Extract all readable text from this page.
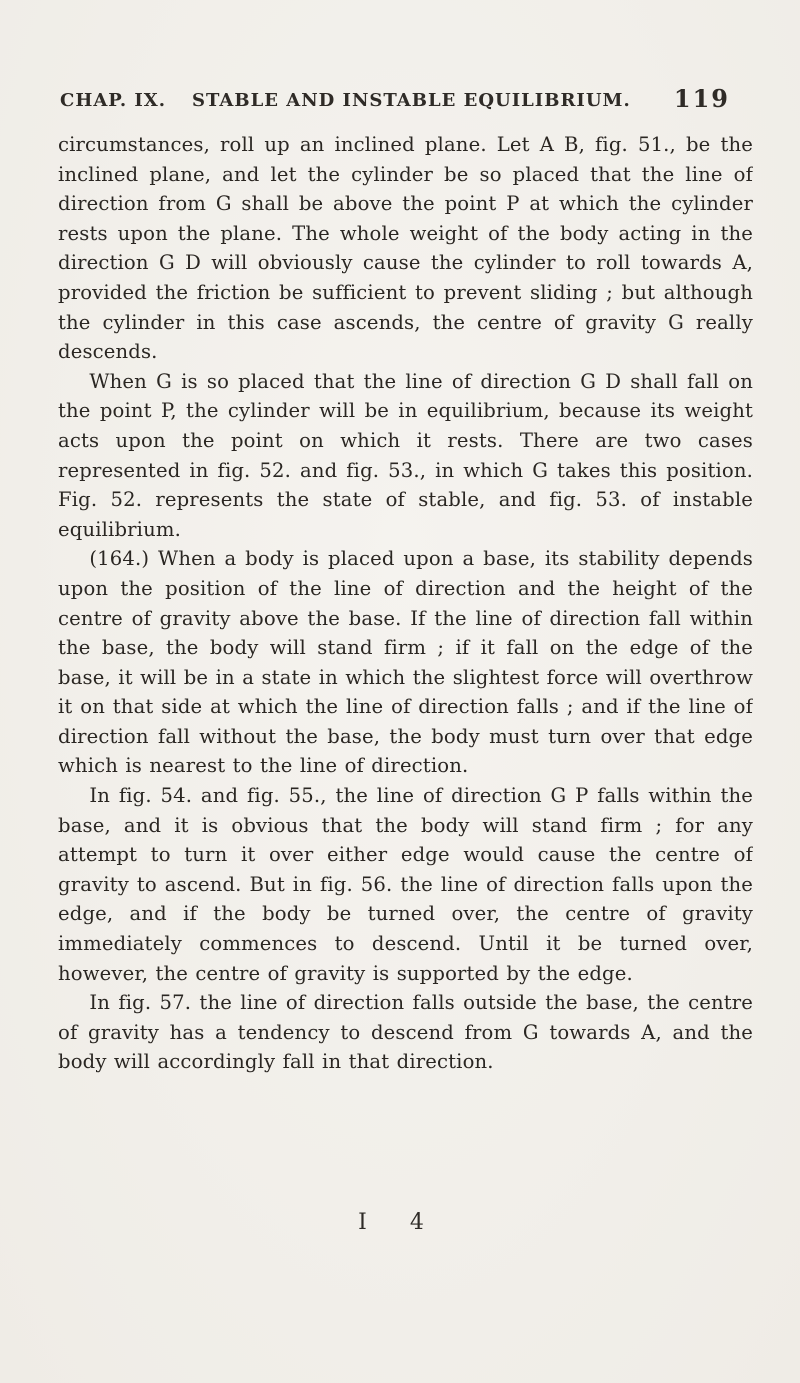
CHAP. IX. STABLE AND INSTABLE EQUILIBRIUM. 119

circumstances, roll up an inclined plane. Let A B, fig. 51., be the inclined plane, and let the cylinder be so placed that the line of direction from G shall be above the point P at which the cylinder rests upon the plane. The whole weight of the body acting in the direction G D will obviously cause the cylinder to roll towards A, provided the friction be sufficient to prevent sliding ; but although the cylinder in this case ascends, the centre of gravity G really descends.

When G is so placed that the line of direction G D shall fall on the point P, the cylinder will be in equilibrium, because its weight acts upon the point on which it rests. There are two cases represented in fig. 52. and fig. 53., in which G takes this position. Fig. 52. represents the state of stable, and fig. 53. of instable equilibrium.

(164.) When a body is placed upon a base, its stability depends upon the position of the line of direction and the height of the centre of gravity above the base. If the line of direction fall within the base, the body will stand firm ; if it fall on the edge of the base, it will be in a state in which the slightest force will overthrow it on that side at which the line of direction falls ; and if the line of direction fall without the base, the body must turn over that edge which is nearest to the line of direction.

In fig. 54. and fig. 55., the line of direction G P falls within the base, and it is obvious that the body will stand firm ; for any attempt to turn it over either edge would cause the centre of gravity to ascend. But in fig. 56. the line of direction falls upon the edge, and if the body be turned over, the centre of gravity immediately commences to descend. Until it be turned over, however, the centre of gravity is supported by the edge.

In fig. 57. the line of direction falls outside the base, the centre of gravity has a tendency to descend from G towards A, and the body will accordingly fall in that direction.

I 4
